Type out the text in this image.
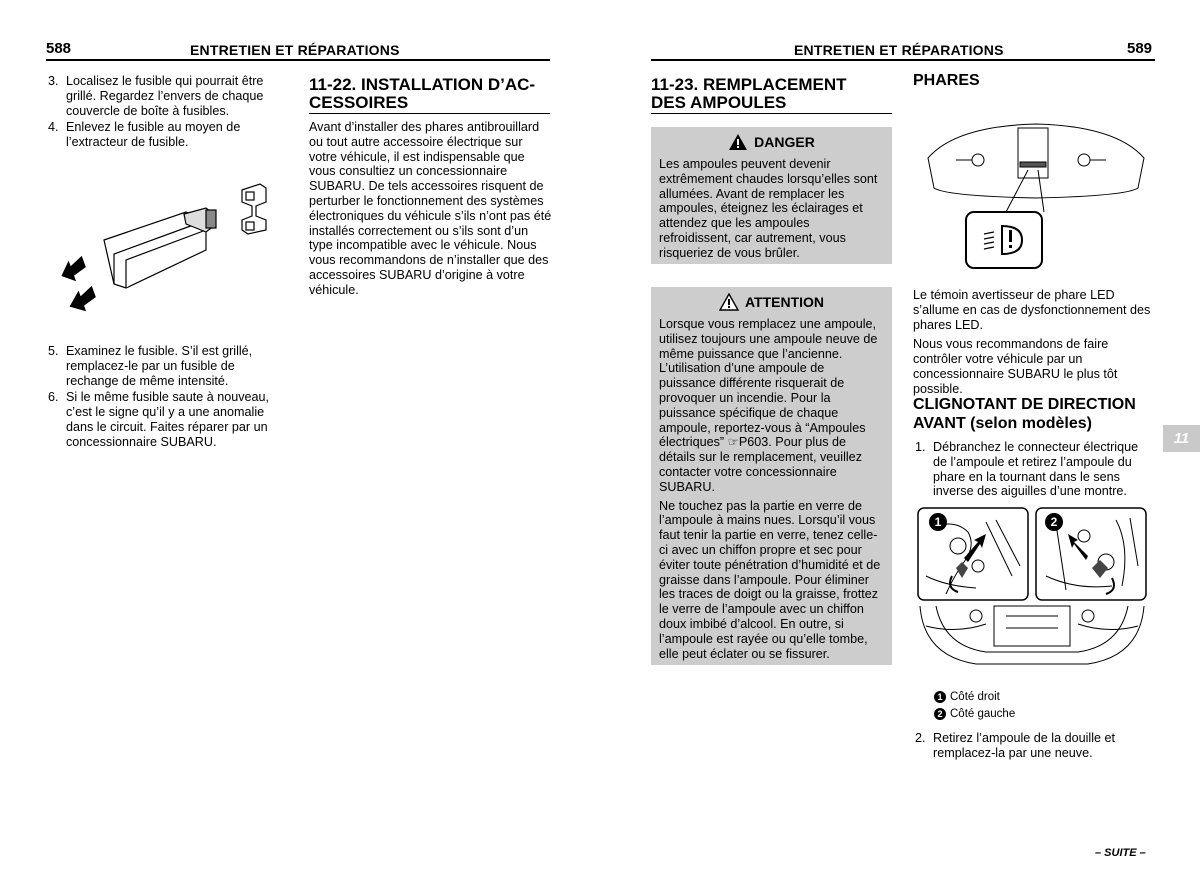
588	ENTRETIEN ET RÉPARATIONS
3. Localisez le fusible qui pourrait être grillé. Regardez l’envers de chaque couvercle de boîte à fusibles.
4. Enlevez le fusible au moyen de l’extracteur de fusible.
5. Examinez le fusible. S’il est grillé, remplacez-le par un fusible de rechange de même intensité.
6. Si le même fusible saute à nouveau, c’est le signe qu’il y a une anomalie dans le circuit. Faites réparer par un concessionnaire SUBARU.
11-22. INSTALLATION D’AC-
CESSOIRES
Avant d’installer des phares antibrouillard ou tout autre accessoire électrique sur votre véhicule, il est indispensable que vous consultiez un concessionnaire SUBARU. De tels accessoires risquent de perturber le fonctionnement des systèmes électroniques du véhicule s’ils n’ont pas été installés correctement ou s’ils sont d’un type incompatible avec le véhicule. Nous vous recommandons de n’installer que des accessoires SUBARU d’origine à votre véhicule.
ENTRETIEN ET RÉPARATIONS	589
11-23. REMPLACEMENT
DES AMPOULES
DANGER
Les ampoules peuvent devenir extrêmement chaudes lorsqu’elles sont allumées. Avant de remplacer les ampoules, éteignez les éclairages et attendez que les ampoules refroidissent, car autrement, vous risqueriez de vous brûler.
ATTENTION

Lorsque vous remplacez une ampoule, utilisez toujours une ampoule neuve de même puissance que l’ancienne. L’utilisation d’une ampoule de puissance différente risquerait de provoquer un incendie. Pour la puissance spécifique de chaque ampoule, reportez-vous à “Ampoules électriques” ☞P603. Pour plus de détails sur le remplacement, veuillez contacter votre concessionnaire SUBARU.

Ne touchez pas la partie en verre de l’ampoule à mains nues. Lorsqu’il vous faut tenir la partie en verre, tenez celle-ci avec un chiffon propre et sec pour éviter toute pénétration d’humidité et de graisse dans l’ampoule. Pour éliminer les traces de doigt ou la graisse, frottez le verre de l’ampoule avec un chiffon doux imbibé d’alcool. En outre, si l’ampoule est rayée ou qu’elle tombe, elle peut éclater ou se fissurer.

PHARES

Le témoin avertisseur de phare LED s’allume en cas de dysfonctionnement des phares LED.

Nous vous recommandons de faire contrôler votre véhicule par un concessionnaire SUBARU le plus tôt possible.

CLIGNOTANT DE DIRECTION
AVANT (selon modèles)
1. Débranchez le connecteur électrique de l’ampoule et retirez l’ampoule du phare en la tournant dans le sens inverse des aiguilles d’une montre.
1	2
1 Côté droit
2 Côté gauche
2. Retirez l’ampoule de la douille et remplacez-la par une neuve.
11
– SUITE –
